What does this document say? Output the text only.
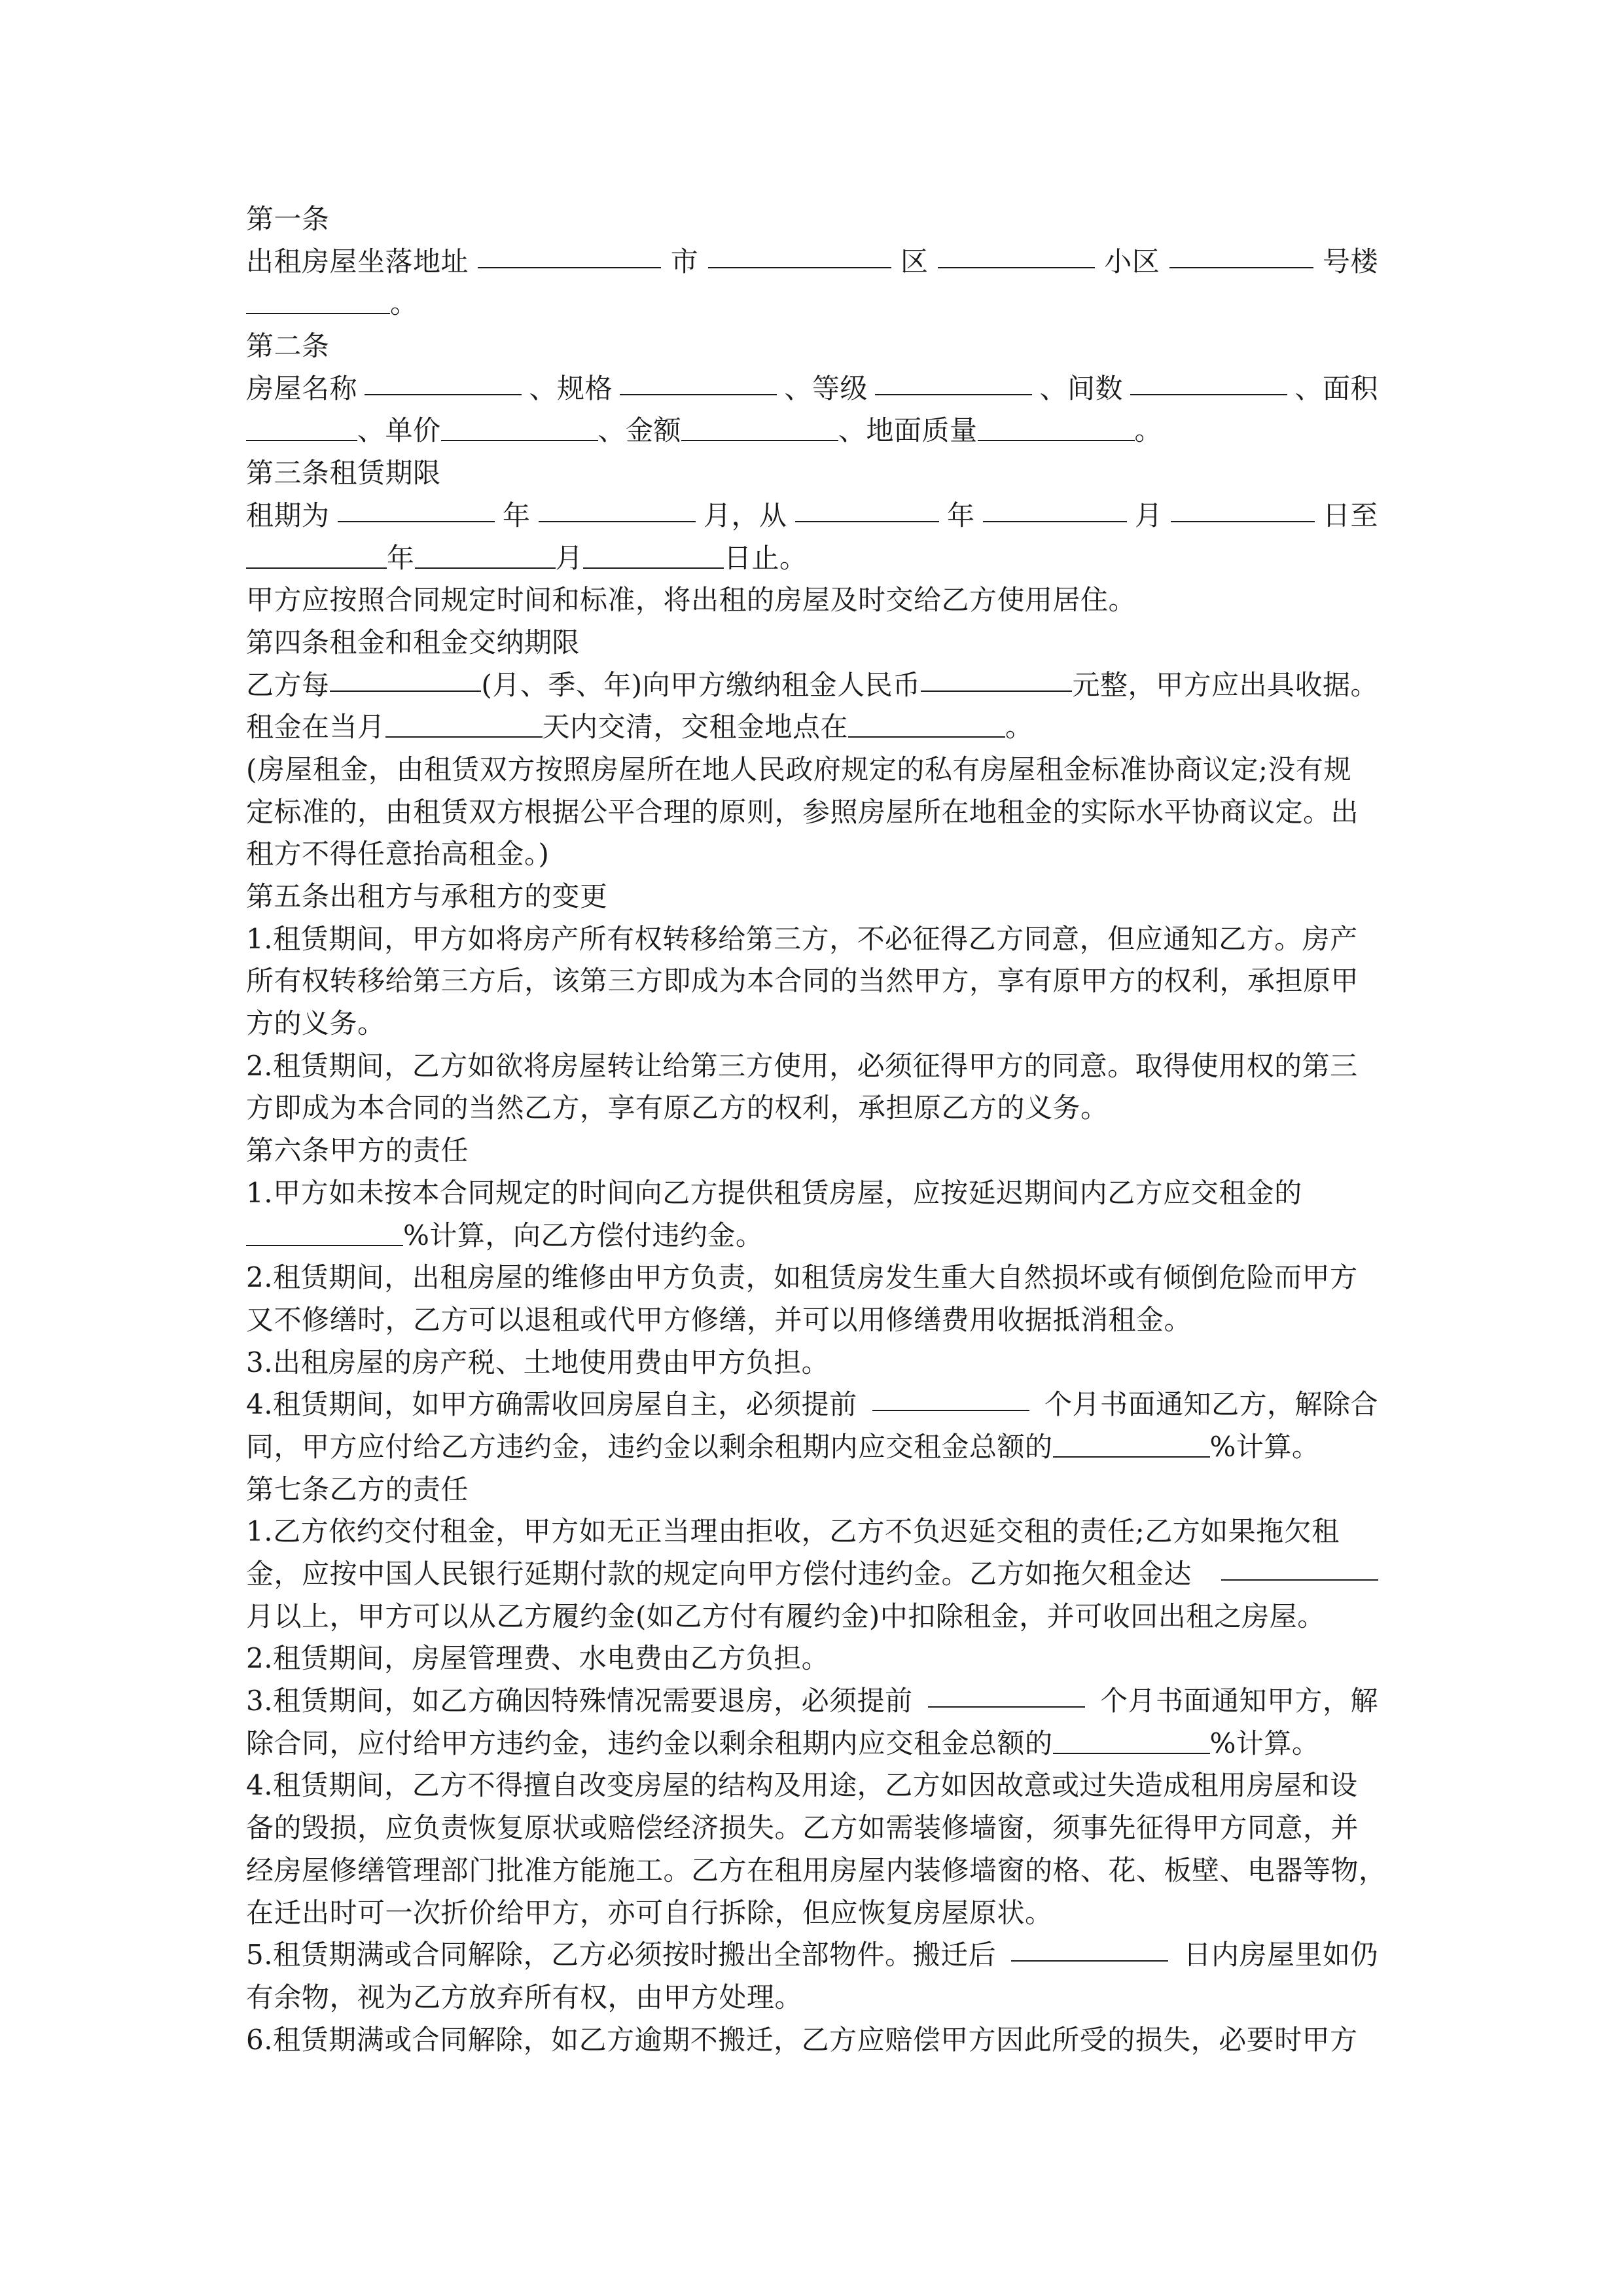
第一条
出租房屋坐落地址	市	区	小区	号楼
。
第二条
房屋名称	、规格	、等级	、间数	、面积
、单价	、金额	、地面质量	。
第三条租赁期限
租期为	年	月，从	年	月	日至
年	月	日止。
甲方应按照合同规定时间和标准，将出租的房屋及时交给乙方使用居住。
第四条租金和租金交纳期限
乙方每	(月、季、年)向甲方缴纳租金人民币	元整，甲方应出具收据。
租金在当月	天内交清，交租金地点在	。
(房屋租金，由租赁双方按照房屋所在地人民政府规定的私有房屋租金标准协商议定;没有规
定标准的，由租赁双方根据公平合理的原则，参照房屋所在地租金的实际水平协商议定。出
租方不得任意抬高租金。)
第五条出租方与承租方的变更
1.租赁期间，甲方如将房产所有权转移给第三方，不必征得乙方同意，但应通知乙方。房产
所有权转移给第三方后，该第三方即成为本合同的当然甲方，享有原甲方的权利，承担原甲
方的义务。
2.租赁期间，乙方如欲将房屋转让给第三方使用，必须征得甲方的同意。取得使用权的第三
方即成为本合同的当然乙方，享有原乙方的权利，承担原乙方的义务。
第六条甲方的责任
1.甲方如未按本合同规定的时间向乙方提供租赁房屋，应按延迟期间内乙方应交租金的
%计算，向乙方偿付违约金。
2.租赁期间，出租房屋的维修由甲方负责，如租赁房发生重大自然损坏或有倾倒危险而甲方
又不修缮时，乙方可以退租或代甲方修缮，并可以用修缮费用收据抵消租金。
3.出租房屋的房产税、土地使用费由甲方负担。
4.租赁期间，如甲方确需收回房屋自主，必须提前	个月书面通知乙方，解除合
同，甲方应付给乙方违约金，违约金以剩余租期内应交租金总额的	%计算。
第七条乙方的责任
1.乙方依约交付租金，甲方如无正当理由拒收，乙方不负迟延交租的责任;乙方如果拖欠租
金，应按中国人民银行延期付款的规定向甲方偿付违约金。乙方如拖欠租金达
月以上，甲方可以从乙方履约金(如乙方付有履约金)中扣除租金，并可收回出租之房屋。
2.租赁期间，房屋管理费、水电费由乙方负担。
3.租赁期间，如乙方确因特殊情况需要退房，必须提前	个月书面通知甲方，解
除合同，应付给甲方违约金，违约金以剩余租期内应交租金总额的	%计算。
4.租赁期间，乙方不得擅自改变房屋的结构及用途，乙方如因故意或过失造成租用房屋和设
备的毁损，应负责恢复原状或赔偿经济损失。乙方如需装修墙窗，须事先征得甲方同意，并
经房屋修缮管理部门批准方能施工。乙方在租用房屋内装修墙窗的格、花、板壁、电器等物，
在迁出时可一次折价给甲方，亦可自行拆除，但应恢复房屋原状。
5.租赁期满或合同解除，乙方必须按时搬出全部物件。搬迁后	日内房屋里如仍
有余物，视为乙方放弃所有权，由甲方处理。
6.租赁期满或合同解除，如乙方逾期不搬迁，乙方应赔偿甲方因此所受的损失，必要时甲方
